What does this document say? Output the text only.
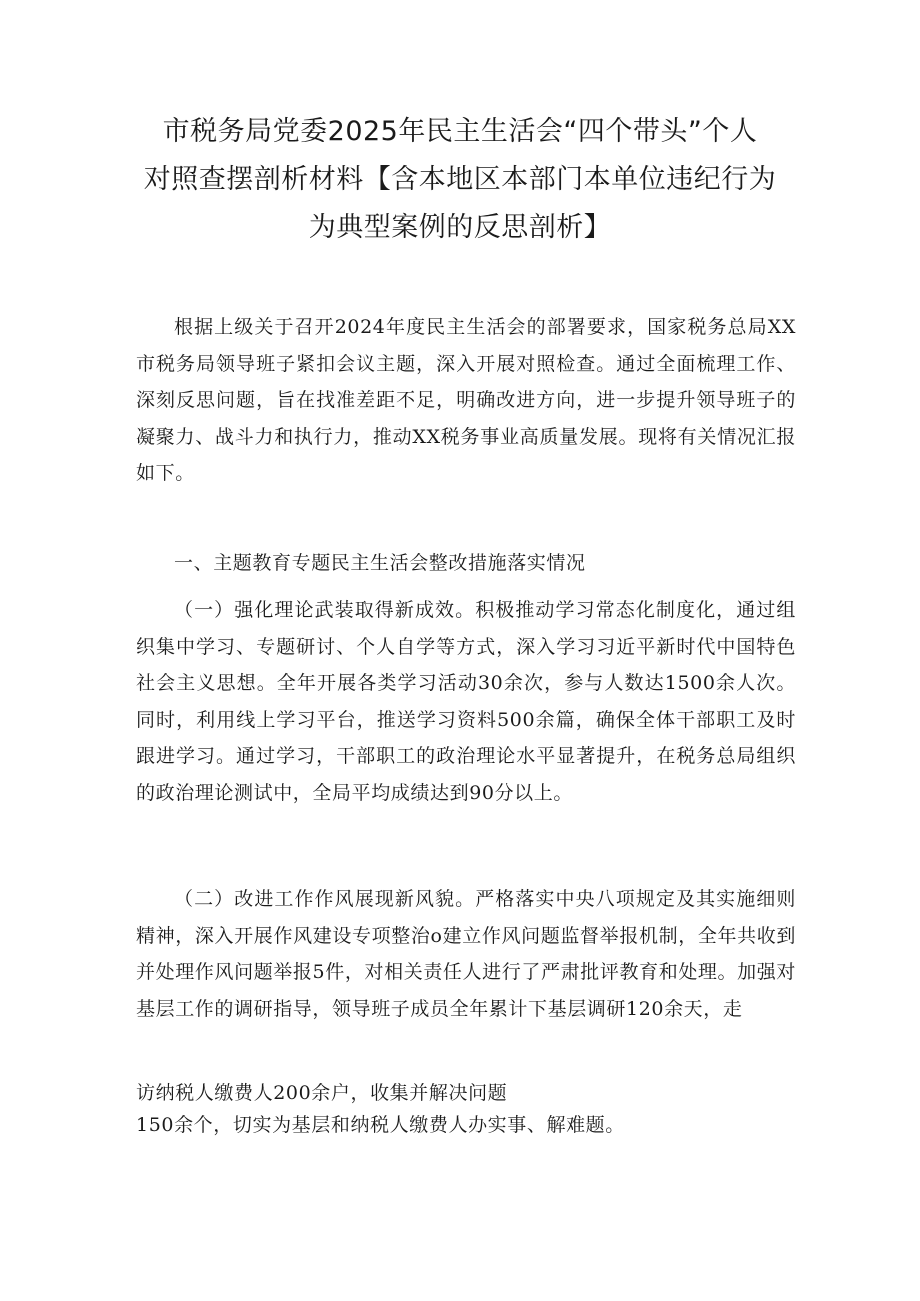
市税务局党委2025年民主生活会“四个带头”个人
对照查摆剖析材料【含本地区本部门本单位违纪行为
为典型案例的反思剖析】

根据上级关于召开2024年度民主生活会的部署要求，国家税务总局XX市税务局领导班子紧扣会议主题，深入开展对照检查。通过全面梳理工作、深刻反思问题，旨在找准差距不足，明确改进方向，进一步提升领导班子的凝聚力、战斗力和执行力，推动XX税务事业高质量发展。现将有关情况汇报如下。

一、主题教育专题民主生活会整改措施落实情况

（一）强化理论武装取得新成效。积极推动学习常态化制度化，通过组织集中学习、专题研讨、个人自学等方式，深入学习习近平新时代中国特色社会主义思想。全年开展各类学习活动30余次，参与人数达1500余人次。同时，利用线上学习平台，推送学习资料500余篇，确保全体干部职工及时跟进学习。通过学习，干部职工的政治理论水平显著提升，在税务总局组织的政治理论测试中，全局平均成绩达到90分以上。

（二）改进工作作风展现新风貌。严格落实中央八项规定及其实施细则精神，深入开展作风建设专项整治o建立作风问题监督举报机制，全年共收到并处理作风问题举报5件，对相关责任人进行了严肃批评教育和处理。加强对基层工作的调研指导，领导班子成员全年累计下基层调研120余天，走

访纳税人缴费人200余户，收集并解决问题
150余个，切实为基层和纳税人缴费人办实事、解难题。
